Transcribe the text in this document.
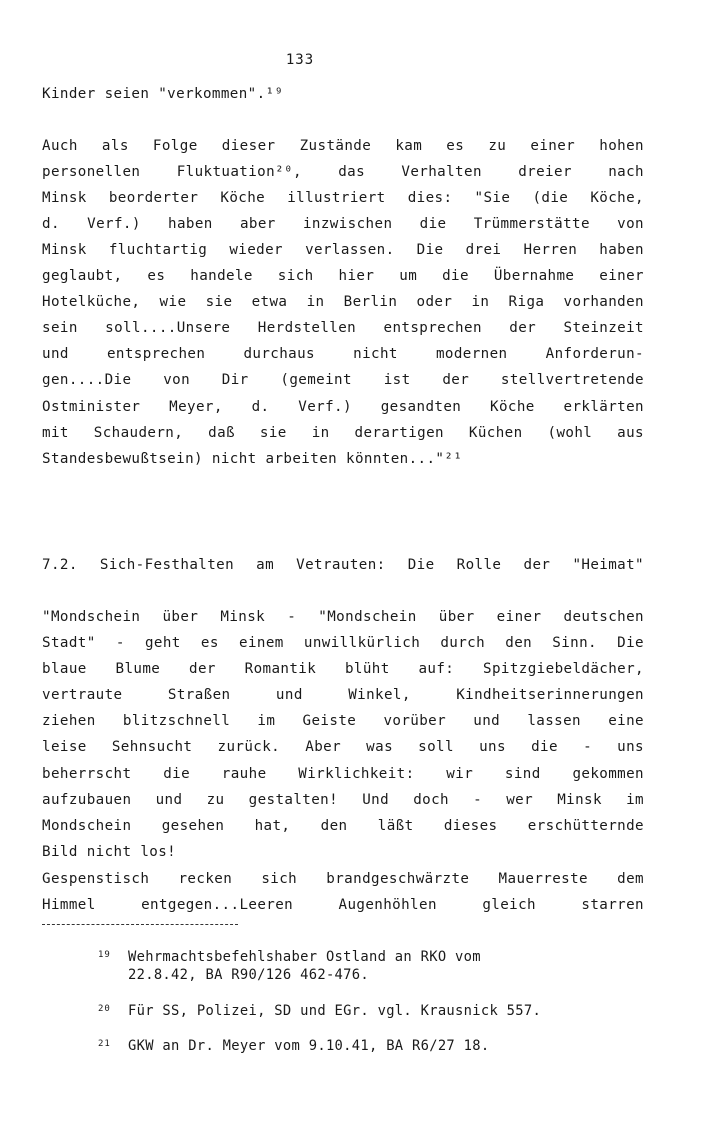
133
Kinder seien "verkommen".¹⁹
Auch als Folge dieser Zustände kam es zu einer hohen
personellen Fluktuation²⁰, das Verhalten dreier nach
Minsk beorderter Köche illustriert dies: "Sie (die Köche,
d. Verf.) haben aber inzwischen die Trümmerstätte von
Minsk fluchtartig wieder verlassen. Die drei Herren haben
geglaubt, es handele sich hier um die Übernahme einer
Hotelküche, wie sie etwa in Berlin oder in Riga vorhanden
sein soll....Unsere Herdstellen entsprechen der Steinzeit
und entsprechen durchaus nicht modernen Anforderun-
gen....Die von Dir (gemeint ist der stellvertretende
Ostminister Meyer, d. Verf.) gesandten Köche erklärten
mit Schaudern, daß sie in derartigen Küchen (wohl aus
Standesbewußtsein) nicht arbeiten könnten..."²¹
7.2. Sich-Festhalten am Vetrauten: Die Rolle der "Heimat"
"Mondschein über Minsk - "Mondschein über einer deutschen
Stadt" - geht es einem unwillkürlich durch den Sinn. Die
blaue Blume der Romantik blüht auf: Spitzgiebeldächer,
vertraute Straßen und Winkel, Kindheitserinnerungen
ziehen blitzschnell im Geiste vorüber und lassen eine
leise Sehnsucht zurück. Aber was soll uns die - uns
beherrscht die rauhe Wirklichkeit: wir sind gekommen
aufzubauen und zu gestalten! Und doch - wer Minsk im
Mondschein gesehen hat, den läßt dieses erschütternde
Bild nicht los!
Gespenstisch recken sich brandgeschwärzte Mauerreste dem
Himmel entgegen...Leeren Augenhöhlen gleich starren
19 Wehrmachtsbefehlshaber Ostland an RKO vom
22.8.42, BA R90/126 462-476.
20 Für SS, Polizei, SD und EGr. vgl. Krausnick 557.
21 GKW an Dr. Meyer vom 9.10.41, BA R6/27 18.
